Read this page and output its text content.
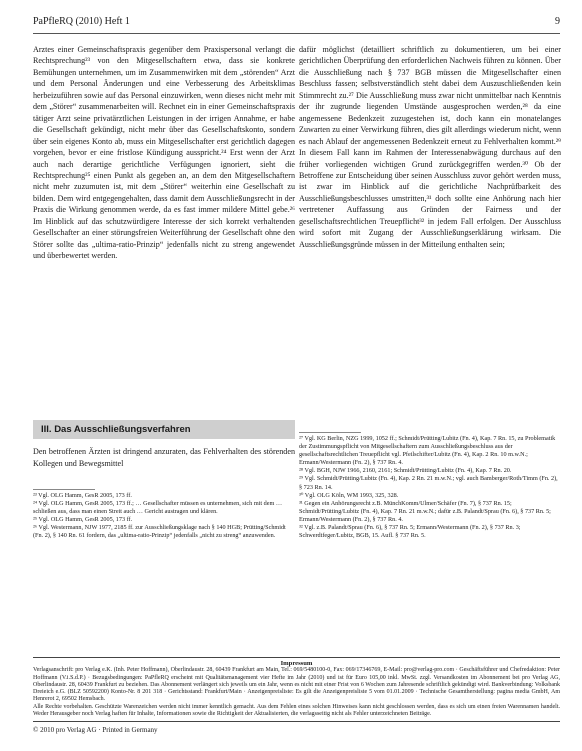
PaPfleRQ (2010) Heft 1	9

Arztes einer Gemeinschaftspraxis gegenüber dem Praxispersonal verlangt die Rechtsprechung²³ von den Mitgesellschaftern etwa, dass sie konkrete Bemühungen unternehmen, um im Zusammenwirken mit dem „störenden“ Arzt und dem Personal Änderungen und eine Verbesserung des Arbeitsklimas herbeizuführen sowie auf das Personal einzuwirken, wenn dieses nicht mehr mit dem „Störer“ zusammenarbeiten will. Rechnet ein in einer Gemeinschaftspraxis tätiger Arzt seine privatärztlichen Leistungen in der irrigen Annahme, er habe die Gesellschaft gekündigt, nicht mehr über das Gesellschaftskonto, sondern über sein eigenes Konto ab, muss ein Mitgesellschafter erst gerichtlich dagegen vorgehen, bevor er eine fristlose Kündigung ausspricht.²⁴ Erst wenn der Arzt auch nach derartige gerichtliche Verfügungen ignoriert, sieht die Rechtsprechung²⁵ einen Punkt als gegeben an, an dem den Mitgesellschaftern nicht mehr zuzumuten ist, mit dem „Störer“ weiterhin eine Gesellschaft zu bilden. Dem wird entgegengehalten, dass damit dem Ausschließungsrecht in der Praxis die Wirkung genommen werde, da es fast immer mildere Mittel gebe.²⁶ Im Hinblick auf das schutzwürdigere Interesse der sich korrekt verhaltenden Gesellschafter an einer störungsfreien Weiterführung der Gesellschaft ohne den Störer sollte das „ultima-ratio-Prinzip“ jedenfalls nicht zu streng angewendet und überbewertet werden.

III. Das Ausschließungsverfahren
Den betroffenen Ärzten ist dringend anzuraten, das Fehlverhalten des störenden Kollegen und Bewegsmittel
²³ Vgl. OLG Hamm, GesR 2005, 173 ff.
²⁴ Vgl. OLG Hamm, GesR 2005, 173 ff.; … Gesellschafter müssen es unternehmen, sich mit dem … schließen aus, dass man einen Streit auch … Gericht austragen und klären.
²⁵ Vgl. OLG Hamm, GesR 2005, 173 ff.
²⁶ Vgl. Westermann, NJW 1977, 2185 ff. zur Ausschließungsklage nach § 140 HGB; Prütting/Schmidt (Fn. 2), § 140 Rn. 61 fordern, das „ultima-ratio-Prinzip“ jedenfalls „nicht zu streng“ anzuwenden.

dafür möglichst (detailliert schriftlich zu dokumentieren, um bei einer gerichtlichen Überprüfung den erforderlichen Nachweis führen zu können. Über die Ausschließung nach § 737 BGB müssen die Mitgesellschafter einen Beschluss fassen; selbstverständlich steht dabei dem Auszuschließenden kein Stimmrecht zu.²⁷ Die Ausschließung muss zwar nicht unmittelbar nach Kenntnis der ihr zugrunde liegenden Umstände ausgesprochen werden,²⁸ da eine angemessene Bedenkzeit zuzugestehen ist, doch kann ein monatelanges Zuwarten zu einer Verwirkung führen, dies gilt allerdings wiederum nicht, wenn es nach Ablauf der angemessenen Bedenkzeit erneut zu Fehlverhalten kommt.²⁹ In diesem Fall kann im Rahmen der Interessenabwägung durchaus auf den früher vorliegenden wichtigen Grund zurückgegriffen werden.³⁰ Ob der Betroffene zur Entscheidung über seinen Ausschluss zuvor gehört werden muss, ist zwar im Hinblick auf die gerichtliche Nachprüfbarkeit des Ausschließungsbeschlusses umstritten,³¹ doch sollte eine Anhörung nach hier vertretener Auffassung aus Gründen der Fairness und der gesellschaftsrechtlichen Treuepflicht³² in jedem Fall erfolgen. Der Ausschluss wird sofort mit Zugang der Ausschließungserklärung wirksam. Die Ausschließungsgründe müssen in der Mitteilung enthalten sein;

²⁷ Vgl. KG Berlin, NZG 1999, 1052 ff.; Schmidt/Prütting/Lubitz (Fn. 4), Kap. 7 Rn. 15, zu Problematik der Zustimmungspflicht von Mitgesellschaftern zum Ausschließungsbeschluss aus der gesellschaftsrechtlichen Treuepflicht vgl. Pfeilschifter/Lubitz (Fn. 4), Kap. 2 Rn. 10 m.w.N.; Ermann/Westermann (Fn. 2), § 737 Rn. 4.
²⁸ Vgl. BGH, NJW 1966, 2160, 2161; Schmidt/Prütting/Lubitz (Fn. 4), Kap. 7 Rn. 20.
²⁹ Vgl. Schmidt/Prütting/Lubitz (Fn. 4), Kap. 2 Rn. 21 m.w.N.; vgl. auch Bamberger/Roth/Timm (Fn. 2), § 723 Rn. 14.
³⁰ Vgl. OLG Köln, WM 1993, 325, 328.
³¹ Gegen ein Anhörungsrecht z.B. MünchKomm/Ulmer/Schäfer (Fn. 7), § 737 Rn. 15; Schmidt/Prütting/Lubitz (Fn. 4), Kap. 7 Rn. 21 m.w.N.; dafür z.B. Palandt/Sprau (Fn. 6), § 737 Rn. 5; Ermann/Westermann (Fn. 2), § 737 Rn. 4.
³² Vgl. z.B. Palandt/Sprau (Fn. 6), § 737 Rn. 5; Ermann/Westermann (Fn. 2), § 737 Rn. 3; Schwerdtfeger/Lubitz, BGB, 15. Aufl. § 737 Rn. 5.
Impressum

Verlagsanschrift: pro Verlag e.K. (Inh. Peter Hoffmann), Oberlindaustr. 28, 60439 Frankfurt am Main, Tel.: 069/5480100-0, Fax: 069/17346769, E-Mail: pro@verlag-pro.com · Geschäftsführer und Chefredaktion: Peter Hoffmann (V.i.S.d.P.) · Bezugsbedingungen: PaPfleRQ erscheint mit Qualitätsmanagement vier Hefte im Jahr (2010) und ist für Euro 105,00 inkl. MwSt. zzgl. Versandkosten im Abonnement bei pro Verlag AG, Oberlindaustr. 28, 60439 Frankfurt zu beziehen. Das Abonnement verlängert sich jeweils um ein Jahr, wenn es nicht mit einer Frist von 6 Wochen zum Jahresende schriftlich gekündigt wird. Bankverbindung: Volksbank Dreieich e.G. (BLZ 50592200) Konto-Nr. 8 201 318 · Gerichtsstand: Frankfurt/Main · Anzeigenpreisliste: Es gilt die Anzeigenpreisliste 5 vom 01.01.2009 · Technische Gesamtherstellung: pagina media GmbH, Am Henrerot 2, 69502 Hemsbach.

Alle Rechte vorbehalten. Geschützte Warenzeichen werden nicht immer kenntlich gemacht. Aus dem Fehlen eines solchen Hinweises kann nicht geschlossen werden, dass es sich um einen freien Warennamen handelt. Weder Herausgeber noch Verlag haften für Inhalte, Informationen sowie die Richtigkeit der Aktualisierten, die verlagsseitig nicht als Fehler unterzeichneten Beiträge.

© 2010 pro Verlag AG · Printed in Germany
